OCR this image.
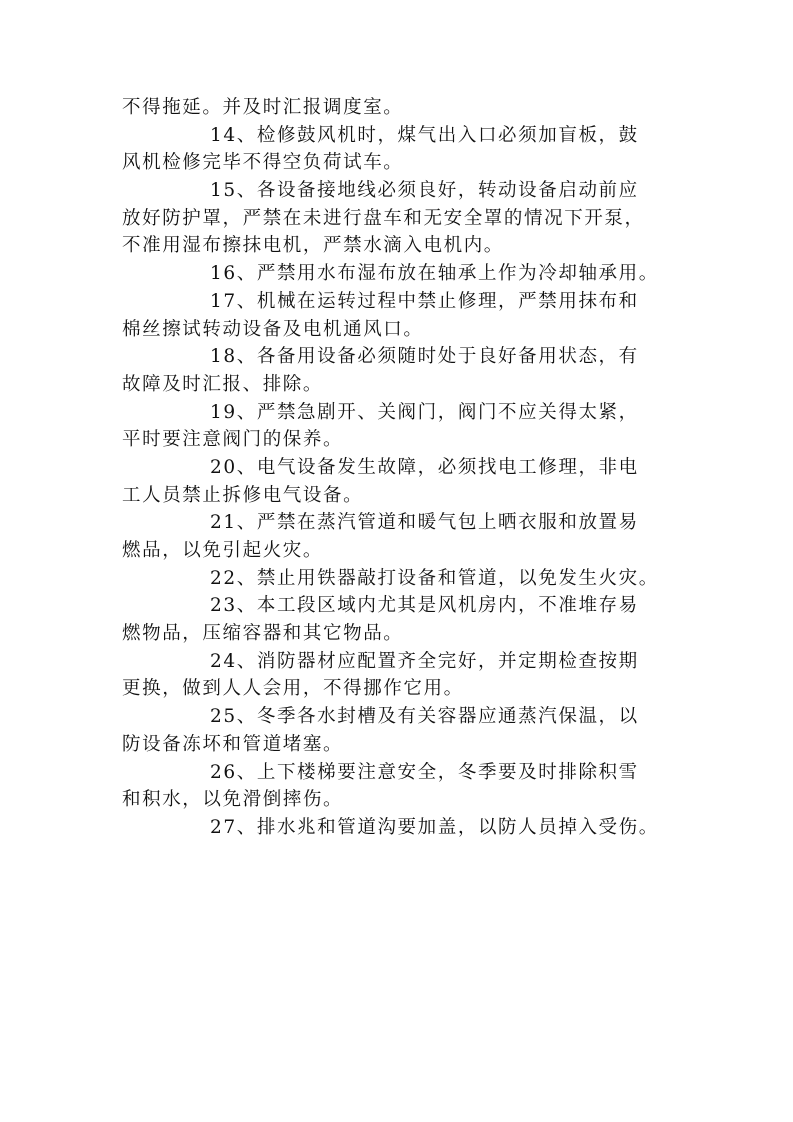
不得拖延。并及时汇报调度室。
14、检修鼓风机时，煤气出入口必须加盲板，鼓
风机检修完毕不得空负荷试车。
15、各设备接地线必须良好，转动设备启动前应
放好防护罩，严禁在未进行盘车和无安全罩的情况下开泵，
不准用湿布擦抹电机，严禁水滴入电机内。
16、严禁用水布湿布放在轴承上作为冷却轴承用。
17、机械在运转过程中禁止修理，严禁用抹布和
棉丝擦试转动设备及电机通风口。
18、各备用设备必须随时处于良好备用状态，有
故障及时汇报、排除。
19、严禁急剧开、关阀门，阀门不应关得太紧，
平时要注意阀门的保养。
20、电气设备发生故障，必须找电工修理，非电
工人员禁止拆修电气设备。
21、严禁在蒸汽管道和暖气包上晒衣服和放置易
燃品，以免引起火灾。
22、禁止用铁器敲打设备和管道，以免发生火灾。
23、本工段区域内尤其是风机房内，不准堆存易
燃物品，压缩容器和其它物品。
24、消防器材应配置齐全完好，并定期检查按期
更换，做到人人会用，不得挪作它用。
25、冬季各水封槽及有关容器应通蒸汽保温，以
防设备冻坏和管道堵塞。
26、上下楼梯要注意安全，冬季要及时排除积雪
和积水，以免滑倒摔伤。
27、排水兆和管道沟要加盖，以防人员掉入受伤。
